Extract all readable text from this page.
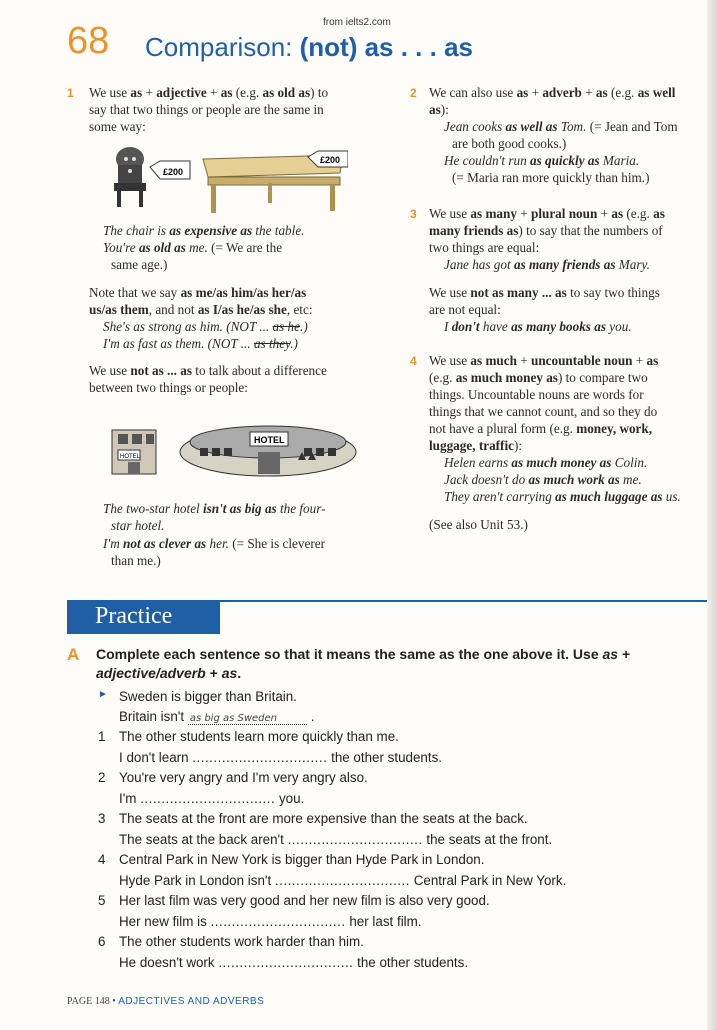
from ielts2.com
68 Comparison: (not) as . . . as
1 We use as + adjective + as (e.g. as old as) to

say that two things or people are the same in

some way:

£200
£200

The chair is as expensive as the table.

You're as old as me. (= We are the

same age.)

Note that we say as me/as him/as her/as

us/as them, and not as I/as he/as she, etc:

She's as strong as him. (NOT ... as he.)

I'm as fast as them. (NOT ... as they.)

We use not as ... as to talk about a difference

between two things or people:

HOTEL
HOTEL

The two-star hotel isn't as big as the four-

star hotel.

I'm not as clever as her. (= She is cleverer

than me.)

2 We can also use as + adverb + as (e.g. as well

as):

Jean cooks as well as Tom. (= Jean and Tom

are both good cooks.)

He couldn't run as quickly as Maria.

(= Maria ran more quickly than him.)

3 We use as many + plural noun + as (e.g. as

many friends as) to say that the numbers of

two things are equal:

Jane has got as many friends as Mary.

We use not as many ... as to say two things

are not equal:

I don't have as many books as you.

4 We use as much + uncountable noun + as

(e.g. as much money as) to compare two

things. Uncountable nouns are words for

things that we cannot count, and so they do

not have a plural form (e.g. money, work,

luggage, traffic):

Helen earns as much money as Colin.

Jack doesn't do as much work as me.

They aren't carrying as much luggage as us.

(See also Unit 53.)

Practice
A Complete each sentence so that it means the same as the one above it. Use as +
adjective/adverb + as.
► Sweden is bigger than Britain.
Britain isn't as big as Sweden	.
1 The other students learn more quickly than me.
I don't learn ................................ the other students.
2 You're very angry and I'm very angry also.
I'm ................................ you.
3 The seats at the front are more expensive than the seats at the back.
The seats at the back aren't ................................ the seats at the front.
4 Central Park in New York is bigger than Hyde Park in London.
Hyde Park in London isn't ................................ Central Park in New York.
5 Her last film was very good and her new film is also very good.
Her new film is ................................ her last film.
6 The other students work harder than him.
He doesn't work ................................ the other students.
PAGE 148 • ADJECTIVES AND ADVERBS
